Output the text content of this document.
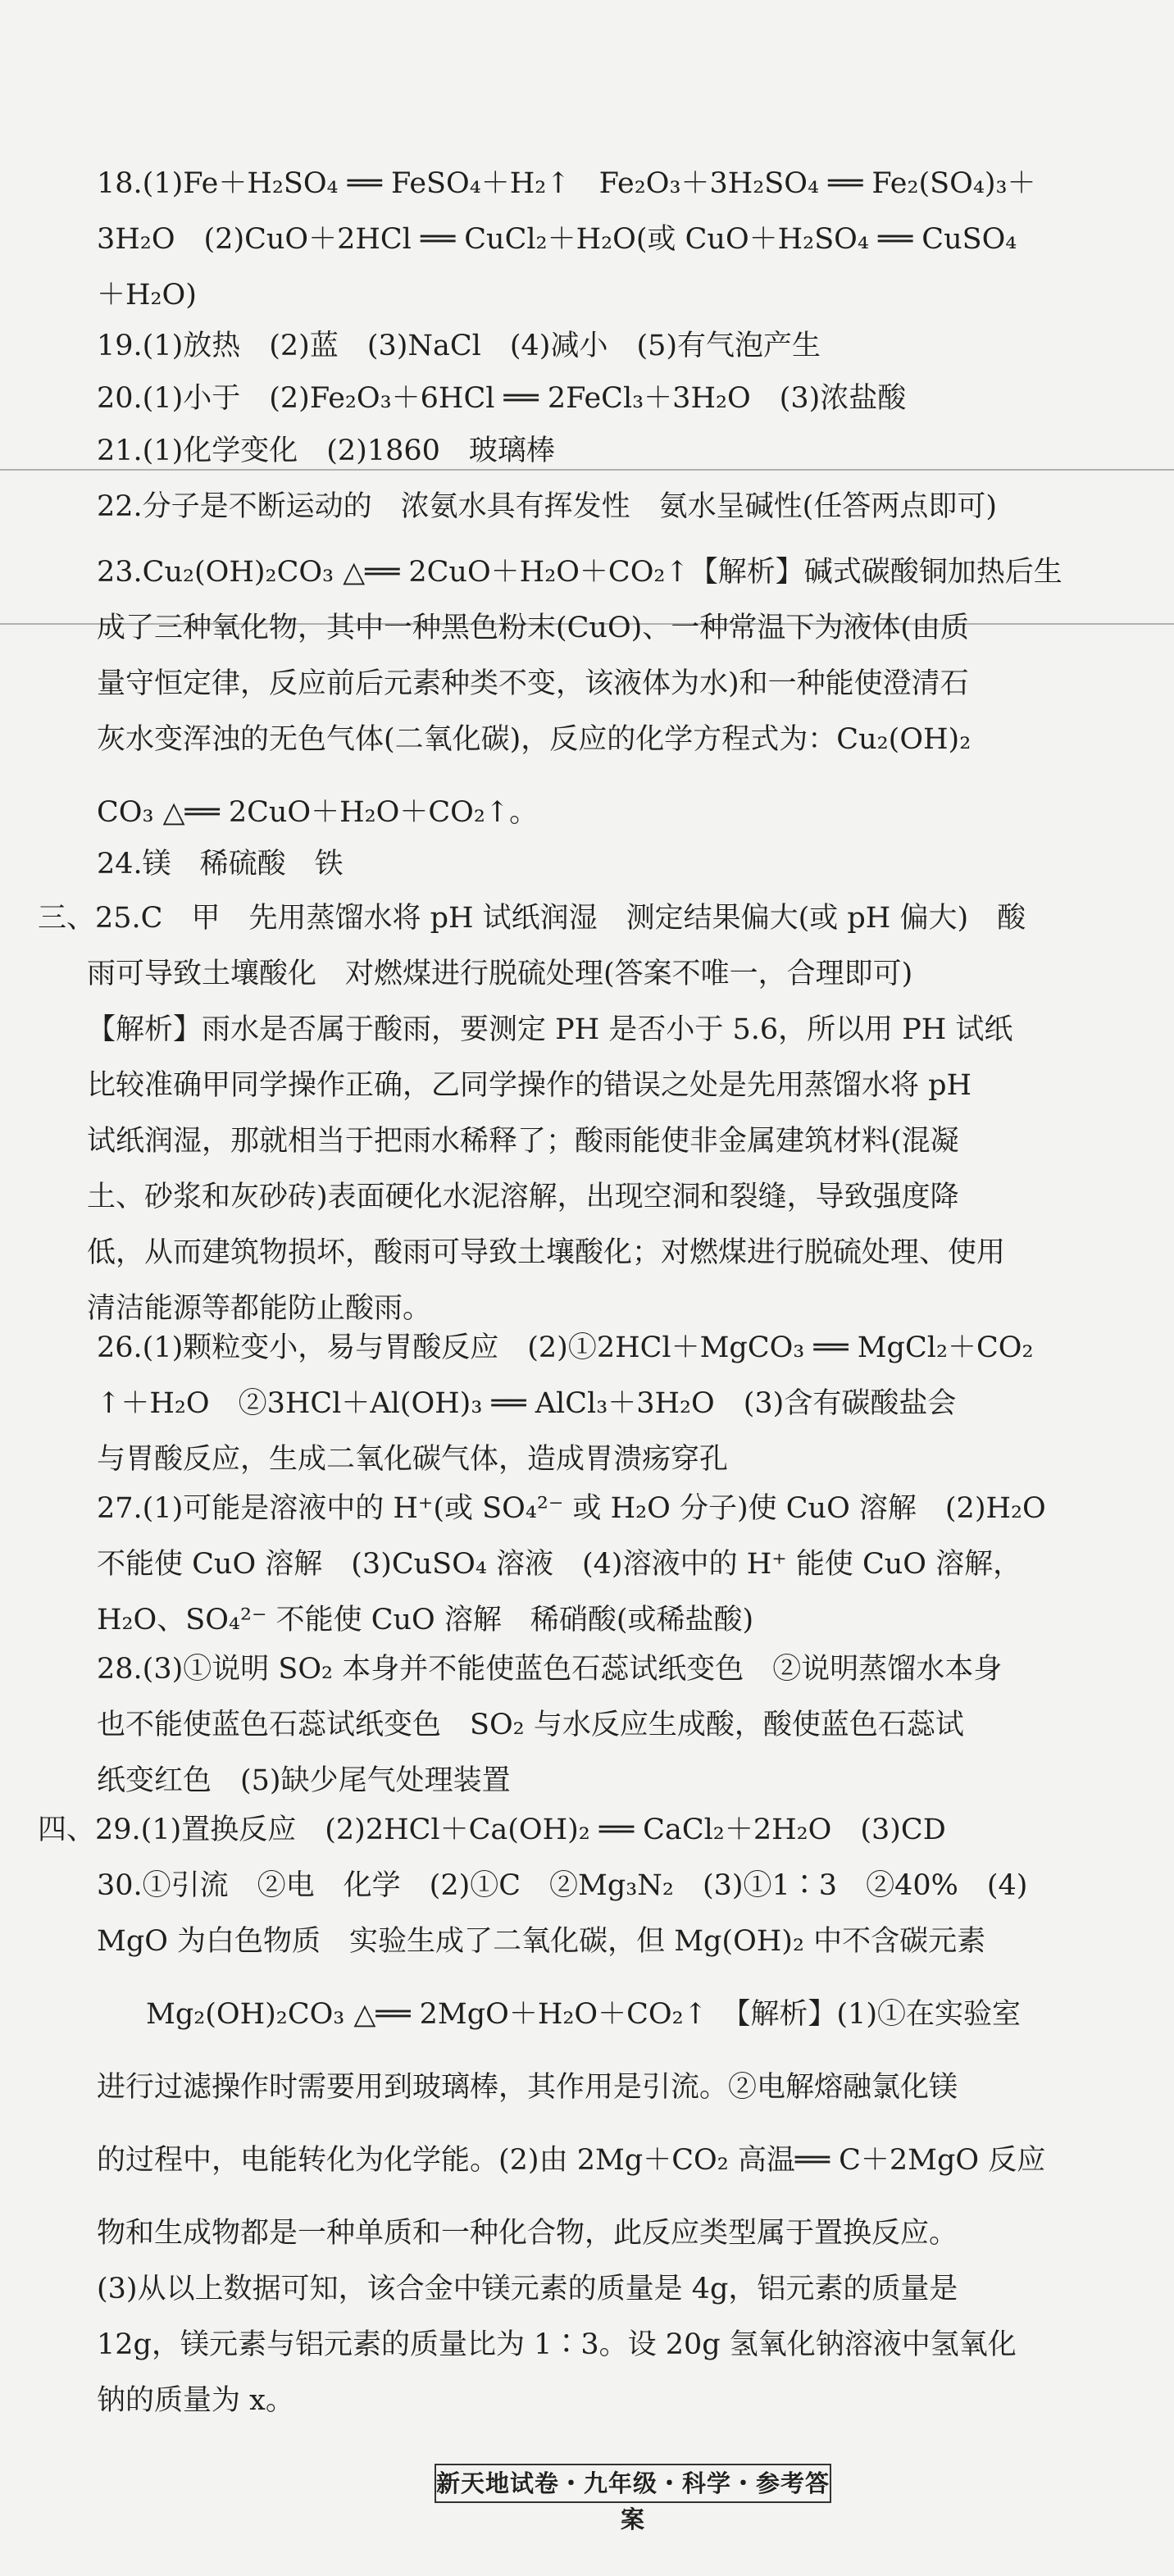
18.(1)Fe＋H₂SO₄ ══ FeSO₄＋H₂↑　Fe₂O₃＋3H₂SO₄ ══ Fe₂(SO₄)₃＋
3H₂O　(2)CuO＋2HCl ══ CuCl₂＋H₂O(或 CuO＋H₂SO₄ ══ CuSO₄
＋H₂O)
19.(1)放热　(2)蓝　(3)NaCl　(4)减小　(5)有气泡产生
20.(1)小于　(2)Fe₂O₃＋6HCl ══ 2FeCl₃＋3H₂O　(3)浓盐酸
21.(1)化学变化　(2)1860　玻璃棒
22.分子是不断运动的　浓氨水具有挥发性　氨水呈碱性(任答两点即可)
23.Cu₂(OH)₂CO₃ △══ 2CuO＋H₂O＋CO₂↑【解析】碱式碳酸铜加热后生
成了三种氧化物，其中一种黑色粉末(CuO)、一种常温下为液体(由质
量守恒定律，反应前后元素种类不变，该液体为水)和一种能使澄清石
灰水变浑浊的无色气体(二氧化碳)，反应的化学方程式为：Cu₂(OH)₂
CO₃ △══ 2CuO＋H₂O＋CO₂↑。
24.镁　稀硫酸　铁
三、25.C　甲　先用蒸馏水将 pH 试纸润湿　测定结果偏大(或 pH 偏大)　酸
雨可导致土壤酸化　对燃煤进行脱硫处理(答案不唯一，合理即可)
【解析】雨水是否属于酸雨，要测定 PH 是否小于 5.6，所以用 PH 试纸
比较准确甲同学操作正确，乙同学操作的错误之处是先用蒸馏水将 pH
试纸润湿，那就相当于把雨水稀释了；酸雨能使非金属建筑材料(混凝
土、砂浆和灰砂砖)表面硬化水泥溶解，出现空洞和裂缝，导致强度降
低，从而建筑物损坏，酸雨可导致土壤酸化；对燃煤进行脱硫处理、使用
清洁能源等都能防止酸雨。
26.(1)颗粒变小，易与胃酸反应　(2)①2HCl＋MgCO₃ ══ MgCl₂＋CO₂
↑＋H₂O　②3HCl＋Al(OH)₃ ══ AlCl₃＋3H₂O　(3)含有碳酸盐会
与胃酸反应，生成二氧化碳气体，造成胃溃疡穿孔
27.(1)可能是溶液中的 H⁺(或 SO₄²⁻ 或 H₂O 分子)使 CuO 溶解　(2)H₂O
不能使 CuO 溶解　(3)CuSO₄ 溶液　(4)溶液中的 H⁺ 能使 CuO 溶解，
H₂O、SO₄²⁻ 不能使 CuO 溶解　稀硝酸(或稀盐酸)
28.(3)①说明 SO₂ 本身并不能使蓝色石蕊试纸变色　②说明蒸馏水本身
也不能使蓝色石蕊试纸变色　SO₂ 与水反应生成酸，酸使蓝色石蕊试
纸变红色　(5)缺少尾气处理装置
四、29.(1)置换反应　(2)2HCl＋Ca(OH)₂ ══ CaCl₂＋2H₂O　(3)CD
30.①引流　②电　化学　(2)①C　②Mg₃N₂　(3)①1∶3　②40%　(4)
MgO 为白色物质　实验生成了二氧化碳，但 Mg(OH)₂ 中不含碳元素
Mg₂(OH)₂CO₃ △══ 2MgO＋H₂O＋CO₂↑　【解析】(1)①在实验室
进行过滤操作时需要用到玻璃棒，其作用是引流。②电解熔融氯化镁
的过程中，电能转化为化学能。(2)由 2Mg＋CO₂ 高温══ C＋2MgO 反应
物和生成物都是一种单质和一种化合物，此反应类型属于置换反应。
(3)从以上数据可知，该合金中镁元素的质量是 4g，铝元素的质量是
12g，镁元素与铝元素的质量比为 1∶3。设 20g 氢氧化钠溶液中氢氧化
钠的质量为 x。
新天地试卷・九年级・科学・参考答案
